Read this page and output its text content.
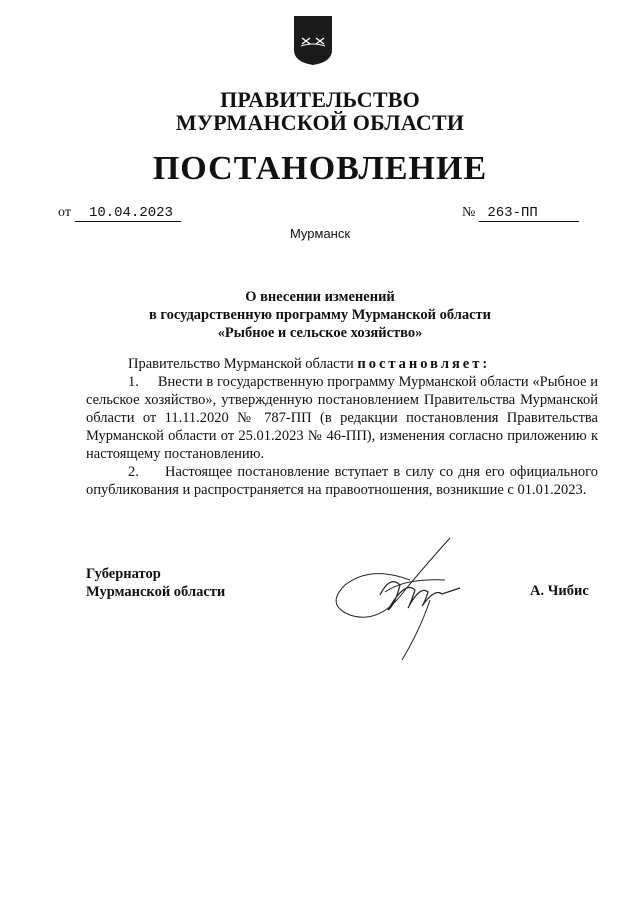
ПРАВИТЕЛЬСТВО
МУРМАНСКОЙ ОБЛАСТИ
ПОСТАНОВЛЕНИЕ
от 10.04.2023	№ 263-ПП
Мурманск
О внесении изменений
в государственную программу Мурманской области
«Рыбное и сельское хозяйство»

Правительство Мурманской области постановляет:

1.     Внести в государственную программу Мурманской области «Рыбное и сельское хозяйство», утвержденную постановлением Правительства Мурманской области от 11.11.2020 № 787-ПП (в редакции постановления Правительства Мурманской области от 25.01.2023 № 46-ПП), изменения согласно приложению к настоящему постановлению.

2.     Настоящее постановление вступает в силу со дня его официального опубликования и распространяется на правоотношения, возникшие с 01.01.2023.

Губернатор
Мурманской области	А. Чибис
